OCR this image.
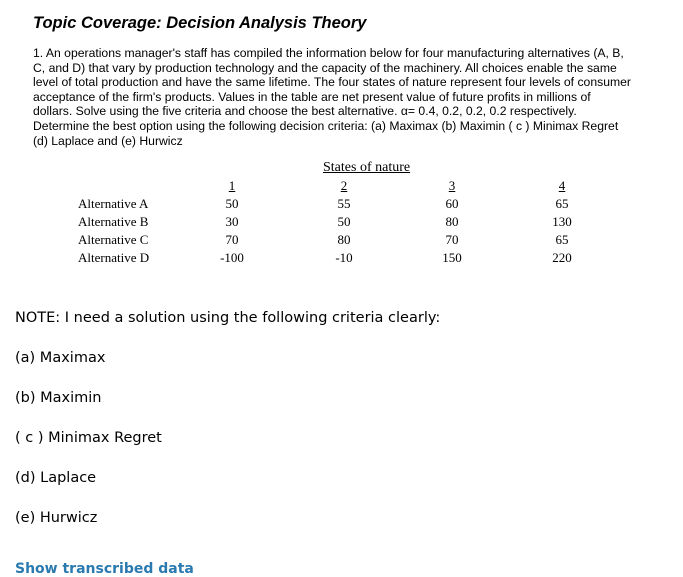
Topic Coverage: Decision Analysis Theory
1. An operations manager's staff has compiled the information below for four manufacturing alternatives (A, B,
C, and D) that vary by production technology and the capacity of the machinery. All choices enable the same
level of total production and have the same lifetime. The four states of nature represent four levels of consumer
acceptance of the firm's products. Values in the table are net present value of future profits in millions of
dollars. Solve using the five criteria and choose the best alternative. α= 0.4, 0.2, 0.2, 0.2 respectively.
Determine the best option using the following decision criteria: (a) Maximax (b) Maximin ( c ) Minimax Regret
(d) Laplace and (e) Hurwicz
States of nature
1	2	3	4
Alternative A	50	55	60	65
Alternative B	30	50	80	130
Alternative C	70	80	70	65
Alternative D	-100	-10	150	220
NOTE: I need a solution using the following criteria clearly:
(a) Maximax
(b) Maximin
( c ) Minimax Regret
(d) Laplace
(e) Hurwicz
Show transcribed data
